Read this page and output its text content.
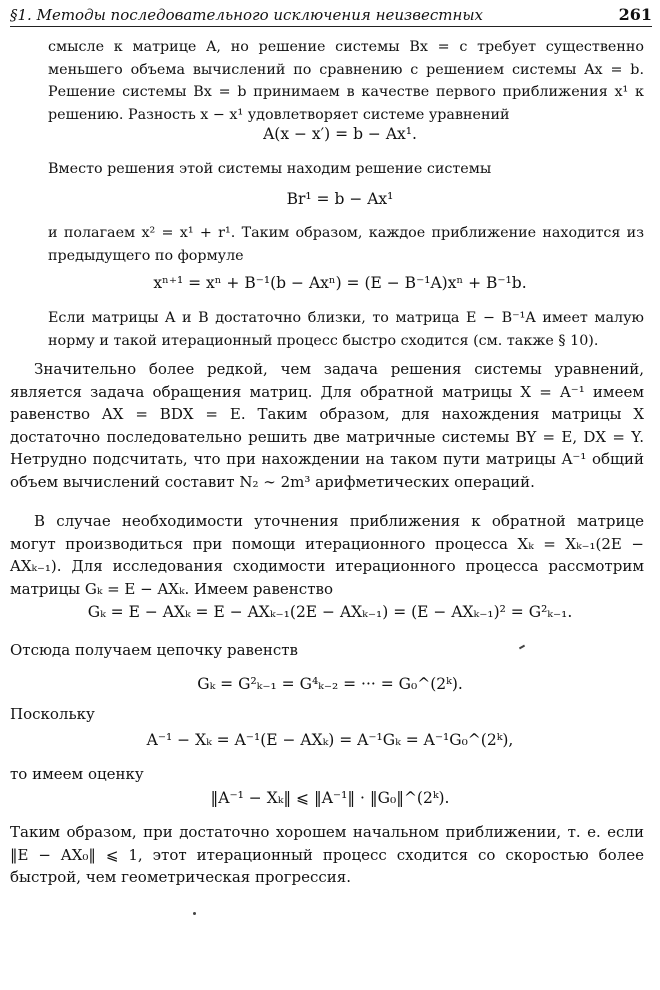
§1. Методы последовательного исключения неизвестных	261

смысле к матрице A, но решение системы Bx = c требует существенно меньшего объема вычислений по сравнению с решением системы Ax = b. Решение системы Bx = b принимаем в качестве первого приближения x¹ к решению. Разность x − x¹ удовлетворяет системе уравнений

A(x − x′) = b − Ax¹.

Вместо решения этой системы находим решение системы

Br¹ = b − Ax¹

и полагаем x² = x¹ + r¹. Таким образом, каждое приближение находится из предыдущего по формуле

xⁿ⁺¹ = xⁿ + B⁻¹(b − Axⁿ) = (E − B⁻¹A)xⁿ + B⁻¹b.

Если матрицы A и B достаточно близки, то матрица E − B⁻¹A имеет малую норму и такой итерационный процесс быстро сходится (см. также § 10).

Значительно более редкой, чем задача решения системы уравнений, является задача обращения матриц. Для обратной матрицы X = A⁻¹ имеем равенство AX = BDX = E. Таким образом, для нахождения матрицы X достаточно последовательно решить две матричные системы BY = E, DX = Y. Нетрудно подсчитать, что при нахождении на таком пути матрицы A⁻¹ общий объем вычислений составит N₂ ∼ 2m³ арифметических операций.

В случае необходимости уточнения приближения к обратной матрице могут производиться при помощи итерационного процесса Xₖ = Xₖ₋₁(2E − AXₖ₋₁). Для исследования сходимости итерационного процесса рассмотрим матрицы Gₖ = E − AXₖ. Имеем равенство

Gₖ = E − AXₖ = E − AXₖ₋₁(2E − AXₖ₋₁) = (E − AXₖ₋₁)² = G²ₖ₋₁.

Отсюда получаем цепочку равенств

Gₖ = G²ₖ₋₁ = G⁴ₖ₋₂ = ··· = G₀^(2ᵏ).

Поскольку

A⁻¹ − Xₖ = A⁻¹(E − AXₖ) = A⁻¹Gₖ = A⁻¹G₀^(2ᵏ),

то имеем оценку

‖A⁻¹ − Xₖ‖ ⩽ ‖A⁻¹‖ · ‖G₀‖^(2ᵏ).

Таким образом, при достаточно хорошем начальном приближении, т. е. если ‖E − AX₀‖ ⩽ 1, этот итерационный процесс сходится со скоростью более быстрой, чем геометрическая прогрессия.
